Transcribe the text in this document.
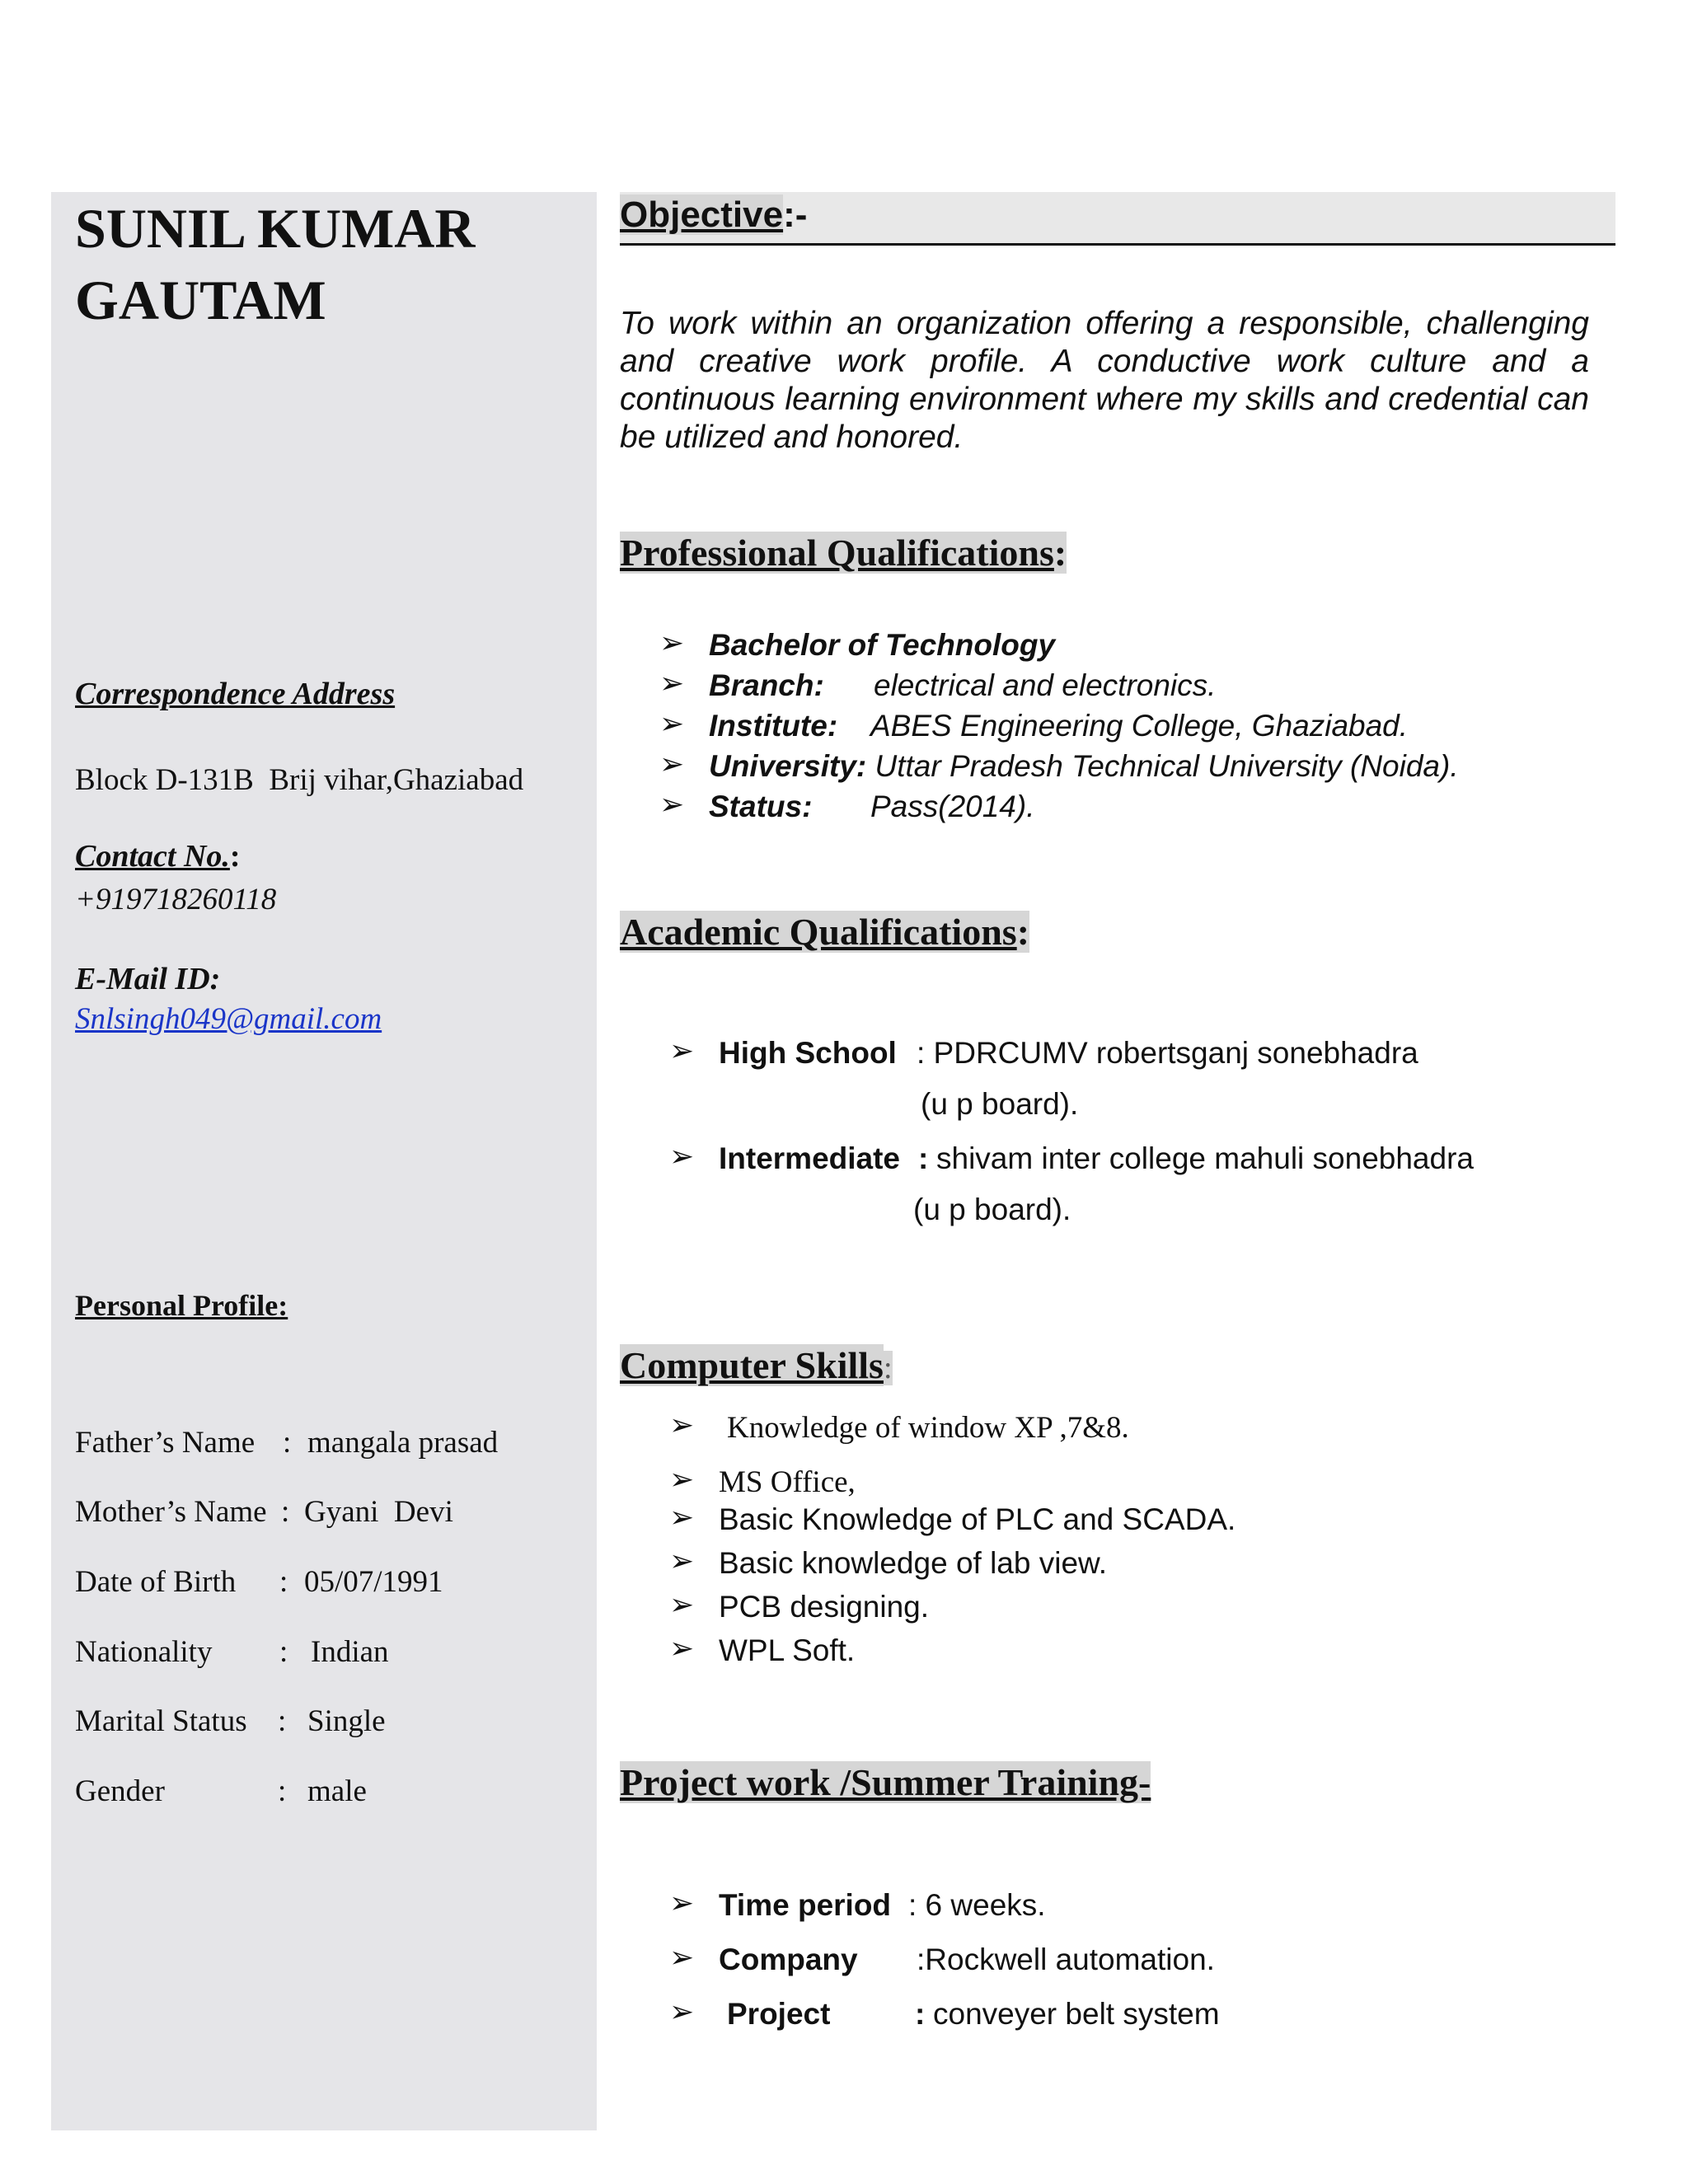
SUNIL KUMAR
GAUTAM
Correspondence Address
Block D-131B  Brij vihar,Ghaziabad
Contact No.:
+919718260118
E-Mail ID:
Snlsingh049@gmail.com
Personal Profile:
Father’s Name : mangala prasad
Mother’s Name : Gyani  Devi
Date of Birth : 05/07/1991
Nationality : Indian
Marital Status : Single
Gender	: male
Objective:-
To work within an organization offering a responsible, challenging and creative work profile. A conductive work culture and a continuous learning environment where my skills and credential can be utilized and honored.
Professional Qualifications:
➢ Bachelor of Technology
➢ Branch: electrical and electronics.
➢ Institute: ABES Engineering College, Ghaziabad.
➢ University: Uttar Pradesh Technical University (Noida).
➢ Status: Pass(2014).
Academic Qualifications:
➢ High School : PDRCUMV robertsganj sonebhadra
(u p board).
➢ Intermediate : shivam inter college mahuli sonebhadra
(u p board).
Computer Skills:
➢ Knowledge of window XP ,7&8.
➢ MS Office,
➢ Basic Knowledge of PLC and SCADA.
➢ Basic knowledge of lab view.
➢ PCB designing.
➢ WPL Soft.
Project work /Summer Training-
➢ Time period : 6 weeks.
➢ Company :Rockwell automation.
➢ Project	: conveyer belt system
